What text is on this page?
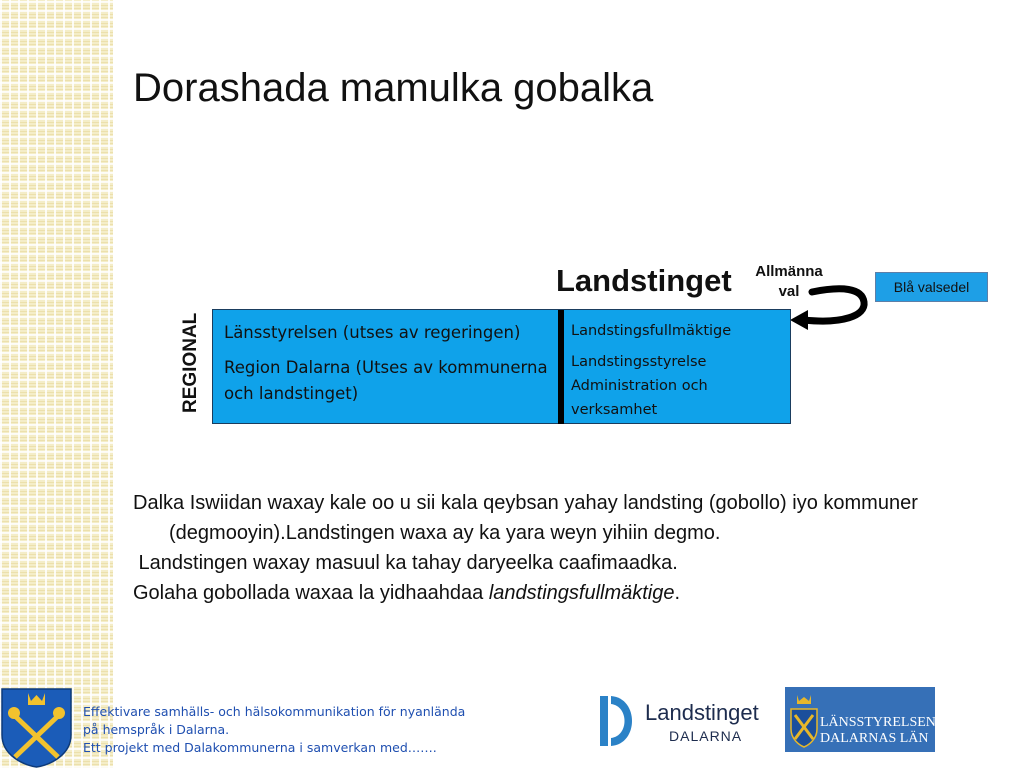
Dorashada mamulka gobalka
Landstinget	Allmänna
val	Blå valsedel
REGIONAL Länsstyrelsen (utses av regeringen)

Region Dalarna (Utses av kommunerna och landstinget)

Landstingsfullmäktige

Landstingsstyrelse Administration och verksamhet

Dalka Iswiidan waxay kale oo u sii kala qeybsan yahay landsting (gobollo) iyo kommuner (degmooyin).Landstingen waxa ay ka yara weyn yihiin degmo.

Landstingen waxay masuul ka tahay daryeelka caafimaadka.

Golaha gobollada waxaa la yidhaahdaa landstingsfullmäktige.

Effektivare samhälls- och hälsokommunikation för nyanlända
på hemspråk i Dalarna.
Ett projekt med Dalakommunerna i samverkan med…….
Landstinget
DALARNA
LÄNSSTYRELSEN
DALARNAS LÄN
